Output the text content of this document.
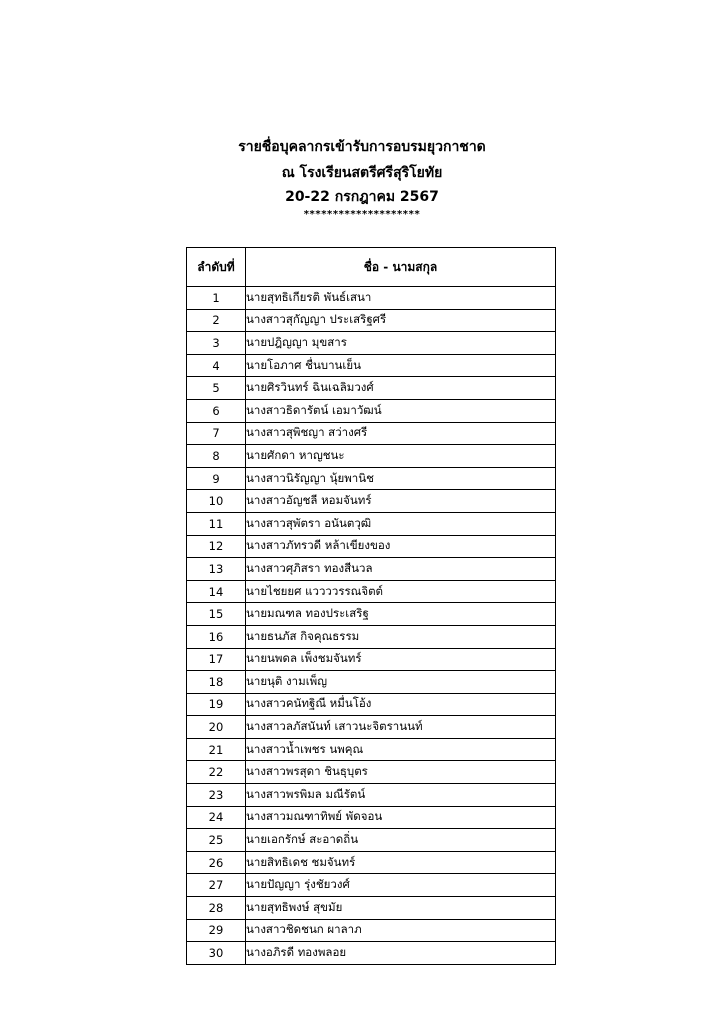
รายชื่อบุคลากรเข้ารับการอบรมยุวกาชาด
ณ โรงเรียนสตรีศรีสุริโยทัย
20-22 กรกฎาคม 2567
********************
ลำดับที่	ชื่อ - นามสกุล
1	นายสุทธิเกียรติ พันธ์เสนา
2	นางสาวสุกัญญา ประเสริฐศรี
3	นายปฎิญญา มุขสาร
4	นายโอภาศ ชื่นบานเย็น
5	นายศิรวินทร์ ฉินเฉลิมวงศ์
6	นางสาวธิดารัตน์ เอมาวัฒน์
7	นางสาวสุพิชญา สว่างศรี
8	นายศักดา หาญชนะ
9	นางสาวนิรัญญา นุ้ยพานิช
10	นางสาวอัญชลี หอมจันทร์
11	นางสาวสุพัตรา อนันตวุฒิ
12	นางสาวภัทรวดี หล้าเขียงของ
13	นางสาวศุภิสรา ทองสีนวล
14	นายไชยยศ แววววรรณจิตต์
15	นายมณฑล ทองประเสริฐ
16	นายธนภัส กิจคุณธรรม
17	นายนพดล เพ็งชมจันทร์
18	นายนุติ งามเพ็ญ
19	นางสาวคนัทฐิณี หมื่นโอ้ง
20	นางสาวลภัสนันท์ เสาวนะจิตรานนท์
21	นางสาวน้ำเพชร นพคุณ
22	นางสาวพรสุดา ชินธุบุตร
23	นางสาวพรพิมล มณีรัตน์
24	นางสาวมณฑาทิพย์ พัดจอน
25	นายเอกรักษ์ สะอาดถิ่น
26	นายสิทธิเดช ชมจันทร์
27	นายปัญญา รุ่งชัยวงศ์
28	นายสุทธิพงษ์ สุขมัย
29	นางสาวชิดชนก ผาลาภ
30	นางอภิรดี ทองพลอย
